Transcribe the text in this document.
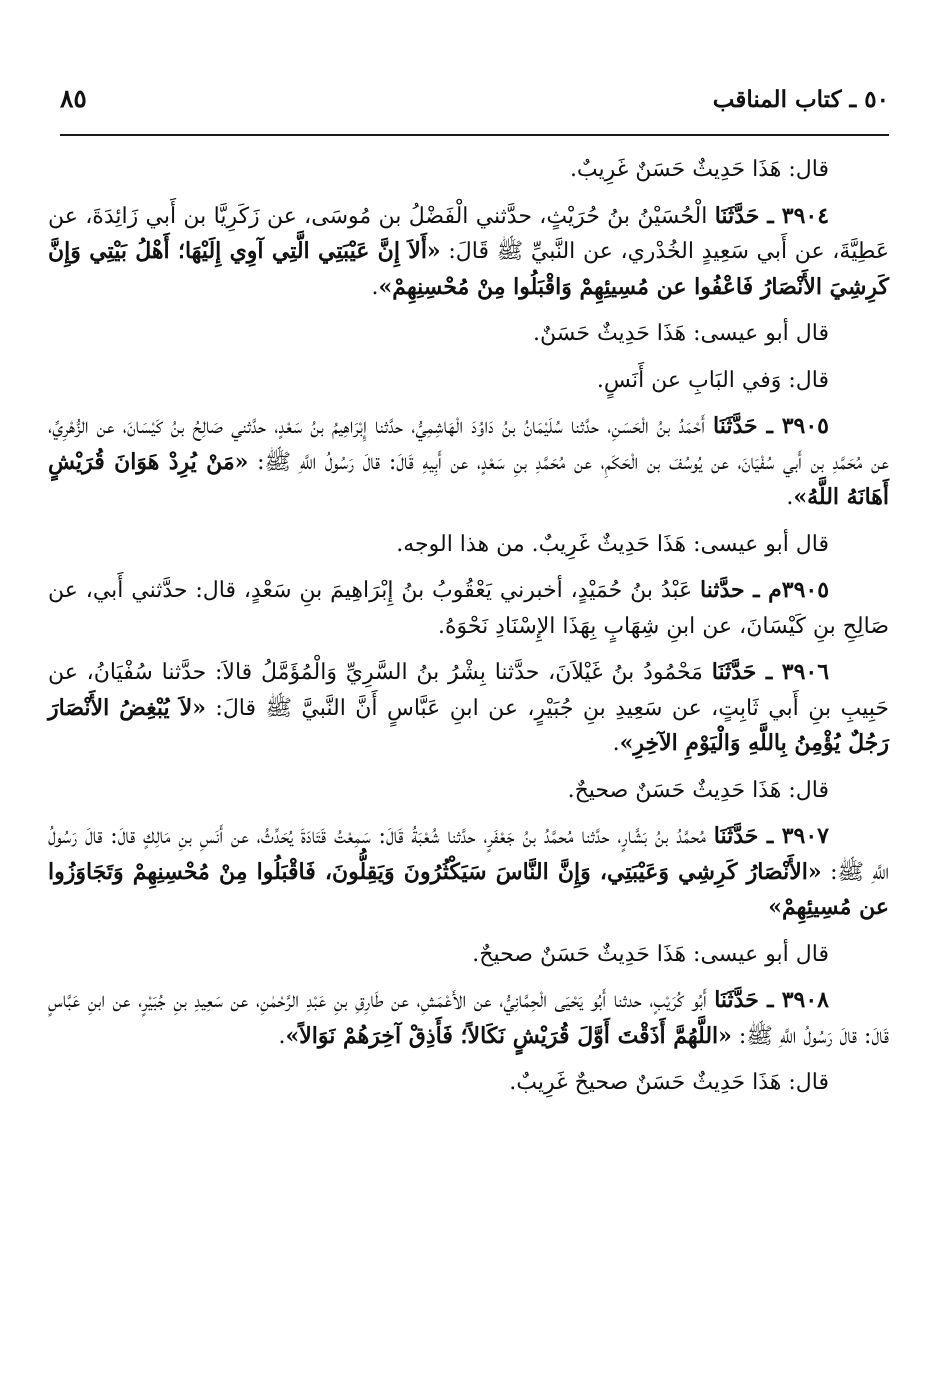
٥٠ ـ كتاب المناقب
٨٥

قال: هَذَا حَدِيثٌ حَسَنٌ غَرِيبٌ.

٣٩٠٤ ـ حَدَّثَنَا الْحُسَيْنُ بنُ حُرَيْثٍ، حدَّثني الْفَضْلُ بن مُوسَى، عن زَكَرِيَّا بن أَبي زَائِدَةَ، عن عَطِيَّةَ، عن أَبي سَعِيدٍ الخُدْري، عن النَّبيِّ ﷺ قَالَ: «أَلاَ إِنَّ عَيْبَتِي الَّتِي آوِي إِلَيْهَا؛ أَهْلُ بَيْتِي وَإِنَّ كَرِشِيَ الأَنْصَارُ فَاعْفُوا عن مُسِيئِهِمْ وَاقْبَلُوا مِنْ مُحْسِنِهِمْ».

قال أبو عيسى: هَذَا حَدِيثٌ حَسَنٌ.

قال: وَفي البَابِ عن أَنَسٍ.

٣٩٠٥ ـ حَدَّثَنَا أَحْمَدُ بنُ الْحَسَنِ، حدَّثنا سُلَيْمَانُ بنُ دَاوُدَ الْهَاشِمِيُّ، حدَّثنا إِبْرَاهِيمُ بنُ سَعْدٍ، حدَّثني صَالِحُ بنُ كَيْسَانَ، عن الزُّهْرِيِّ، عن مُحَمَّدِ بن أَبي سُفْيَانَ، عن يُوسُفَ بن الْحَكَمِ، عن مُحَمَّدِ بنِ سَعْدٍ، عن أَبِيهِ قَالَ: قالَ رَسُولُ اللَّهِ ﷺ: «مَنْ يُرِدْ هَوَانَ قُرَيْشٍ أَهَانَهُ اللَّهُ».

قال أبو عيسى: هَذَا حَدِيثٌ غَرِيبٌ. من هذا الوجه.

٣٩٠٥م ـ حدَّثنا عَبْدُ بنُ حُمَيْدٍ، أخبرني يَعْقُوبُ بنُ إِبْرَاهِيمَ بنِ سَعْدٍ، قال: حدَّثني أَبي، عن صَالِحِ بنِ كَيْسَانَ، عن ابنِ شِهَابٍ بِهَذَا الإِسْنَادِ نَحْوَهُ.

٣٩٠٦ ـ حَدَّثَنَا مَحْمُودُ بنُ غَيْلاَنَ، حدَّثنا بِشْرُ بنُ السَّرِيِّ وَالْمُؤَمَّلُ قالاَ: حدَّثنا سُفْيَانُ، عن حَبِيبِ بنِ أَبي ثَابِتٍ، عن سَعِيدِ بنِ جُبَيْرٍ، عن ابنِ عَبَّاسٍ أَنَّ النَّبيَّ ﷺ قالَ: «لاَ يُبْغِضُ الأَنْصَارَ رَجُلٌ يُؤْمِنُ بِاللَّهِ وَالْيَوْمِ الآخِرِ».

قال: هَذَا حَدِيثٌ حَسَنٌ صحيحٌ.

٣٩٠٧ ـ حَدَّثَنَا مُحمَّدُ بنُ بَشَّارٍ، حدَّثنا مُحمَّدُ بنُ جَعْفَرٍ، حدَّثنا شُعْبَةُ قَالَ: سَمِعْتُ قَتَادَةَ يُحَدِّثُ، عن أَنَسِ بنِ مَالِكٍ قالَ: قالَ رَسُولُ اللَّهِ ﷺ: «الأَنْصَارُ كَرِشِي وَعَيْبَتِي، وَإِنَّ النَّاسَ سَيَكْثُرُونَ وَيَقِلُّونَ، فَاقْبَلُوا مِنْ مُحْسِنِهِمْ وَتَجَاوَزُوا عن مُسِيئِهِمْ»

قال أبو عيسى: هَذَا حَدِيثٌ حَسَنٌ صحيحٌ.

٣٩٠٨ ـ حَدَّثَنَا أَبُو كُرَيْبٍ، حدثنا أَبُو يَحْيَى الْحِمَّانِيُّ، عن الأَعْمَشِ، عن طَارِقِ بنِ عَبْدِ الرَّحْمٰنِ، عن سَعِيدِ بنِ جُبَيْرٍ، عن ابنِ عَبَّاسٍ قَالَ: قالَ رَسُولُ اللَّهِ ﷺ: «اللَّهُمَّ أَذَقْتَ أَوَّلَ قُرَيْشٍ نَكَالاً؛ فَأَذِقْ آخِرَهُمْ نَوَالاً».

قال: هَذَا حَدِيثٌ حَسَنٌ صحيحٌ غَرِيبٌ.
